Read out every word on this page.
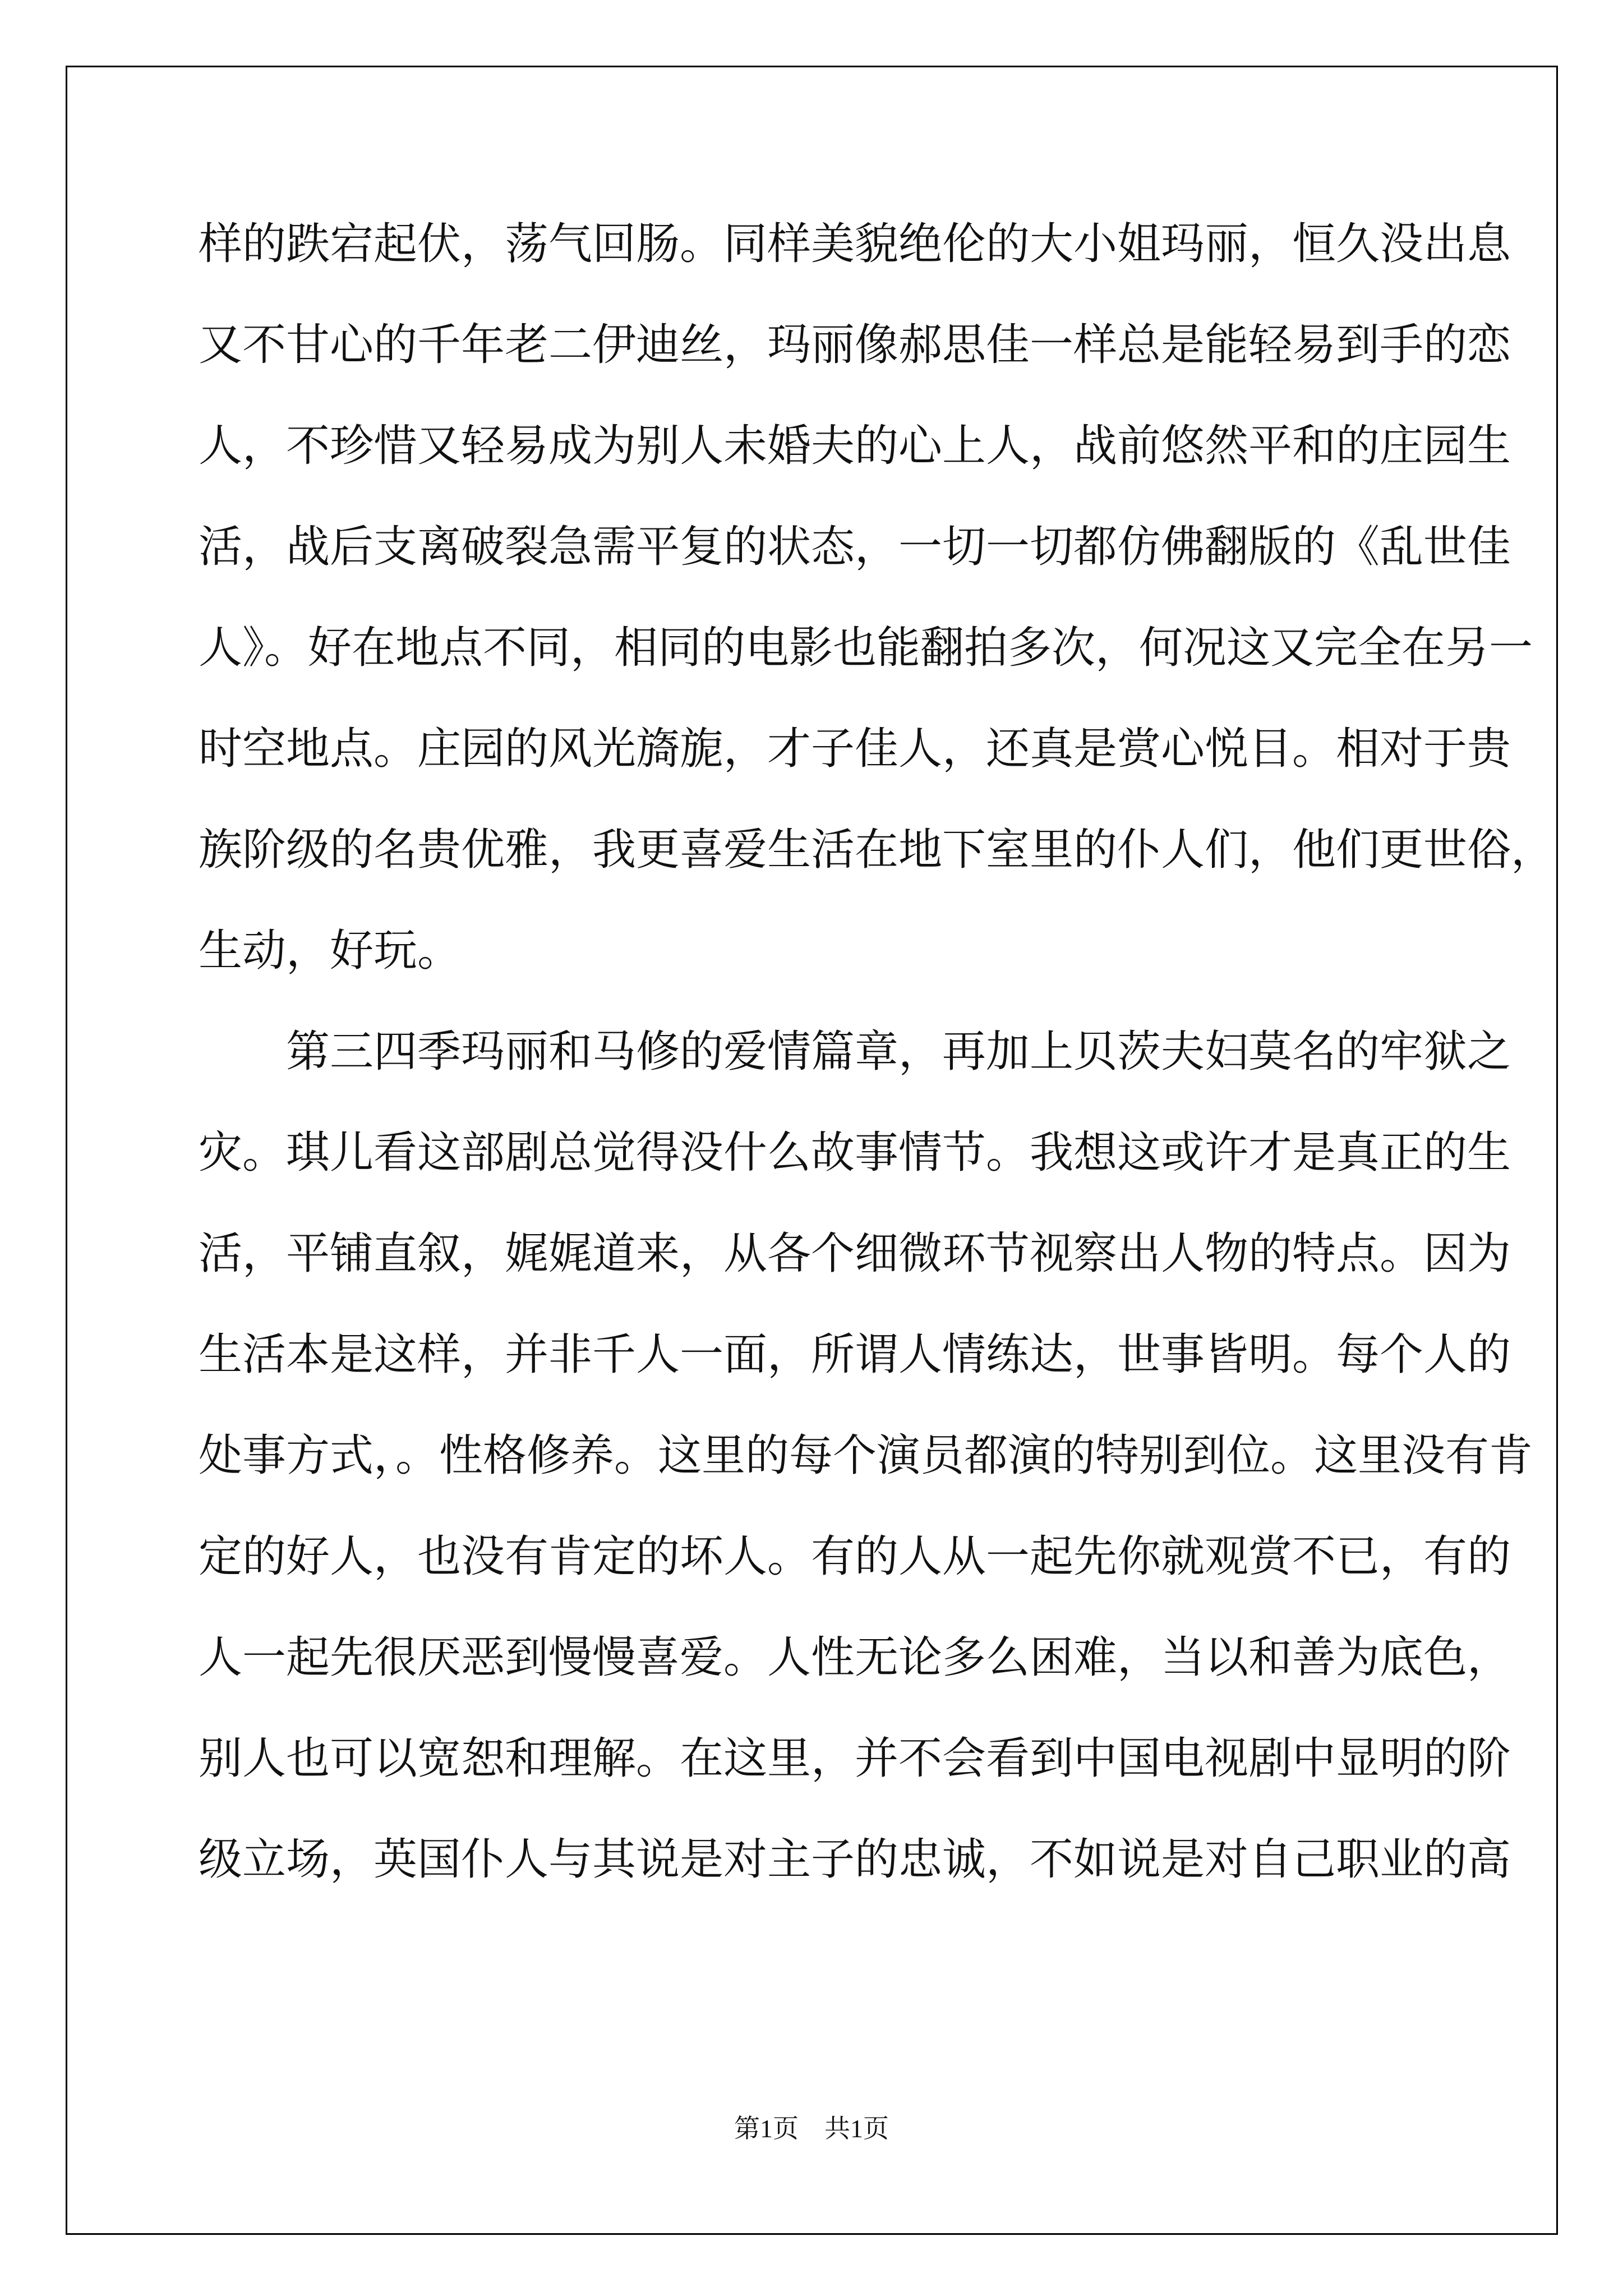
样的跌宕起伏，荡气回肠。同样美貌绝伦的大小姐玛丽，恒久没出息
又不甘心的千年老二伊迪丝，玛丽像郝思佳一样总是能轻易到手的恋
人，不珍惜又轻易成为别人未婚夫的心上人，战前悠然平和的庄园生
活，战后支离破裂急需平复的状态，一切一切都仿佛翻版的《乱世佳
人》。好在地点不同，相同的电影也能翻拍多次，何况这又完全在另一
时空地点。庄园的风光旖旎，才子佳人，还真是赏心悦目。相对于贵
族阶级的名贵优雅，我更喜爱生活在地下室里的仆人们，他们更世俗，
生动，好玩。
　　第三四季玛丽和马修的爱情篇章，再加上贝茨夫妇莫名的牢狱之
灾。琪儿看这部剧总觉得没什么故事情节。我想这或许才是真正的生
活，平铺直叙，娓娓道来，从各个细微环节视察出人物的特点。因为
生活本是这样，并非千人一面，所谓人情练达，世事皆明。每个人的
处事方式，。性格修养。这里的每个演员都演的特别到位。这里没有肯
定的好人，也没有肯定的坏人。有的人从一起先你就观赏不已，有的
人一起先很厌恶到慢慢喜爱。人性无论多么困难，当以和善为底色，
别人也可以宽恕和理解。在这里，并不会看到中国电视剧中显明的阶
级立场，英国仆人与其说是对主子的忠诚，不如说是对自己职业的高
第1页　共1页
